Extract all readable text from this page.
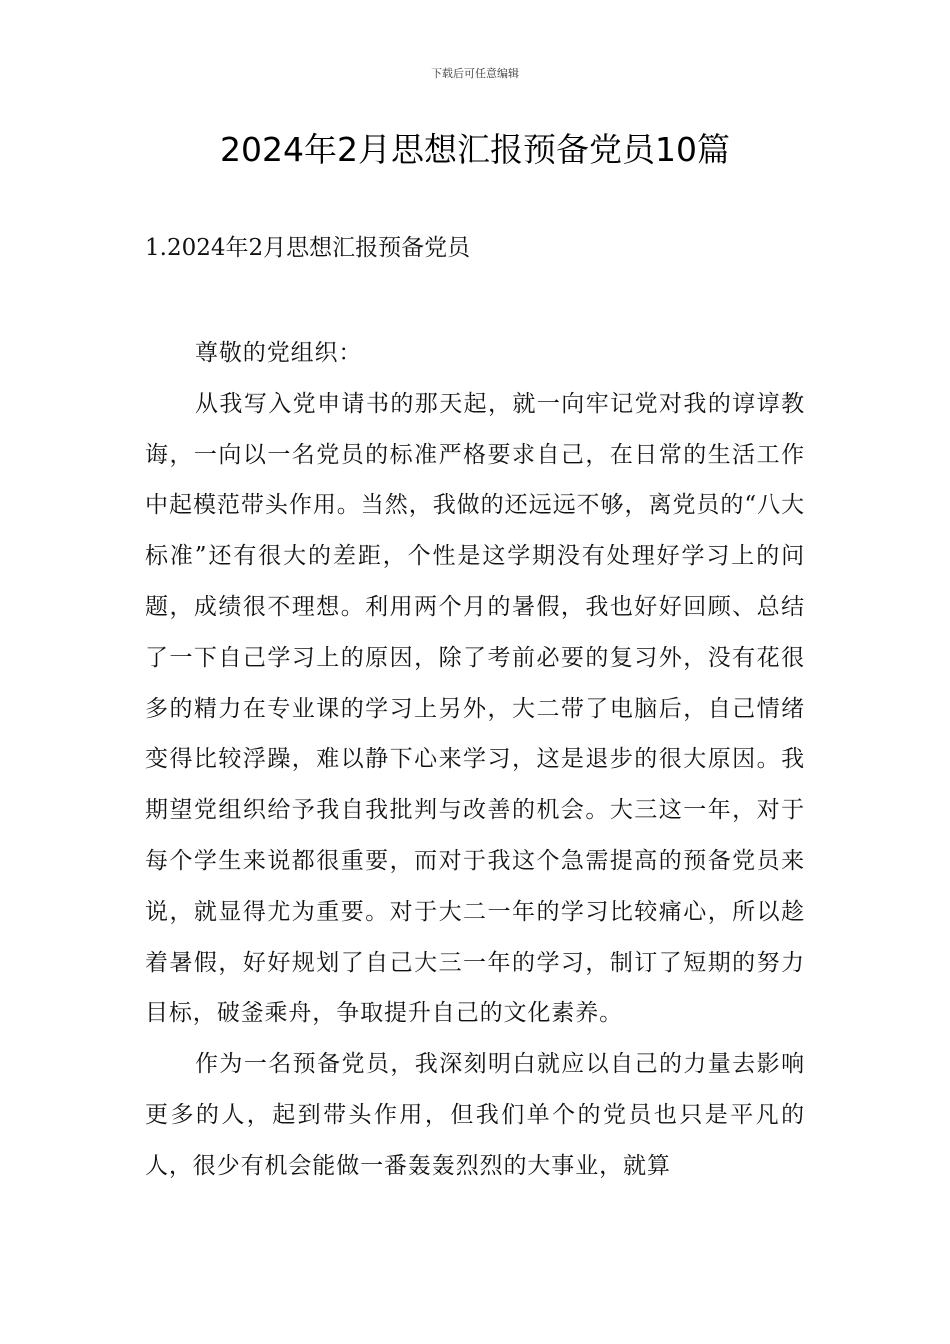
下载后可任意编辑
2024年2月思想汇报预备党员10篇
1.2024年2月思想汇报预备党员

尊敬的党组织：

从我写入党申请书的那天起，就一向牢记党对我的谆谆教诲，一向以一名党员的标准严格要求自己，在日常的生活工作中起模范带头作用。当然，我做的还远远不够，离党员的“八大标准”还有很大的差距，个性是这学期没有处理好学习上的问题，成绩很不理想。利用两个月的暑假，我也好好回顾、总结了一下自己学习上的原因，除了考前必要的复习外，没有花很多的精力在专业课的学习上另外，大二带了电脑后，自己情绪变得比较浮躁，难以静下心来学习，这是退步的很大原因。我期望党组织给予我自我批判与改善的机会。大三这一年，对于每个学生来说都很重要，而对于我这个急需提高的预备党员来说，就显得尤为重要。对于大二一年的学习比较痛心，所以趁着暑假，好好规划了自己大三一年的学习，制订了短期的努力目标，破釜乘舟，争取提升自己的文化素养。

作为一名预备党员，我深刻明白就应以自己的力量去影响更多的人，起到带头作用，但我们单个的党员也只是平凡的人，很少有机会能做一番轰轰烈烈的大事业，就算
